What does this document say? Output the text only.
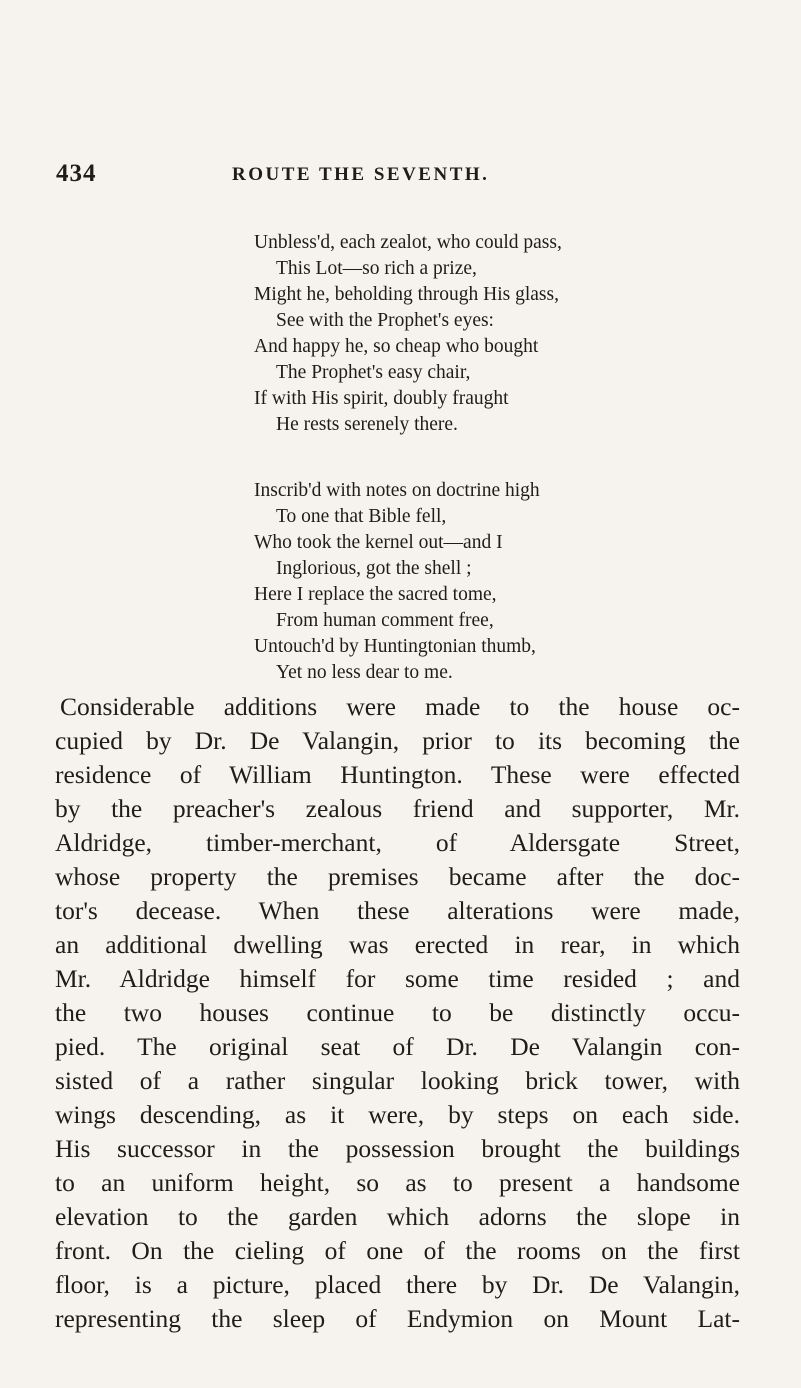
434	ROUTE THE SEVENTH.
Unbless'd, each zealot, who could pass,
This Lot—so rich a prize,
Might he, beholding through His glass,
See with the Prophet's eyes:
And happy he, so cheap who bought
The Prophet's easy chair,
If with His spirit, doubly fraught
He rests serenely there.
Inscrib'd with notes on doctrine high
To one that Bible fell,
Who took the kernel out—and I
Inglorious, got the shell ;
Here I replace the sacred tome,
From human comment free,
Untouch'd by Huntingtonian thumb,
Yet no less dear to me.
Considerable additions were made to the house oc-
cupied by Dr. De Valangin, prior to its becoming the
residence of William Huntington. These were effected
by the preacher's zealous friend and supporter, Mr.
Aldridge, timber-merchant, of Aldersgate Street,
whose property the premises became after the doc-
tor's decease. When these alterations were made,
an additional dwelling was erected in rear, in which
Mr. Aldridge himself for some time resided ; and
the two houses continue to be distinctly occu-
pied. The original seat of Dr. De Valangin con-
sisted of a rather singular looking brick tower, with
wings descending, as it were, by steps on each side.
His successor in the possession brought the buildings
to an uniform height, so as to present a handsome
elevation to the garden which adorns the slope in
front. On the cieling of one of the rooms on the first
floor, is a picture, placed there by Dr. De Valangin,
representing the sleep of Endymion on Mount Lat-
